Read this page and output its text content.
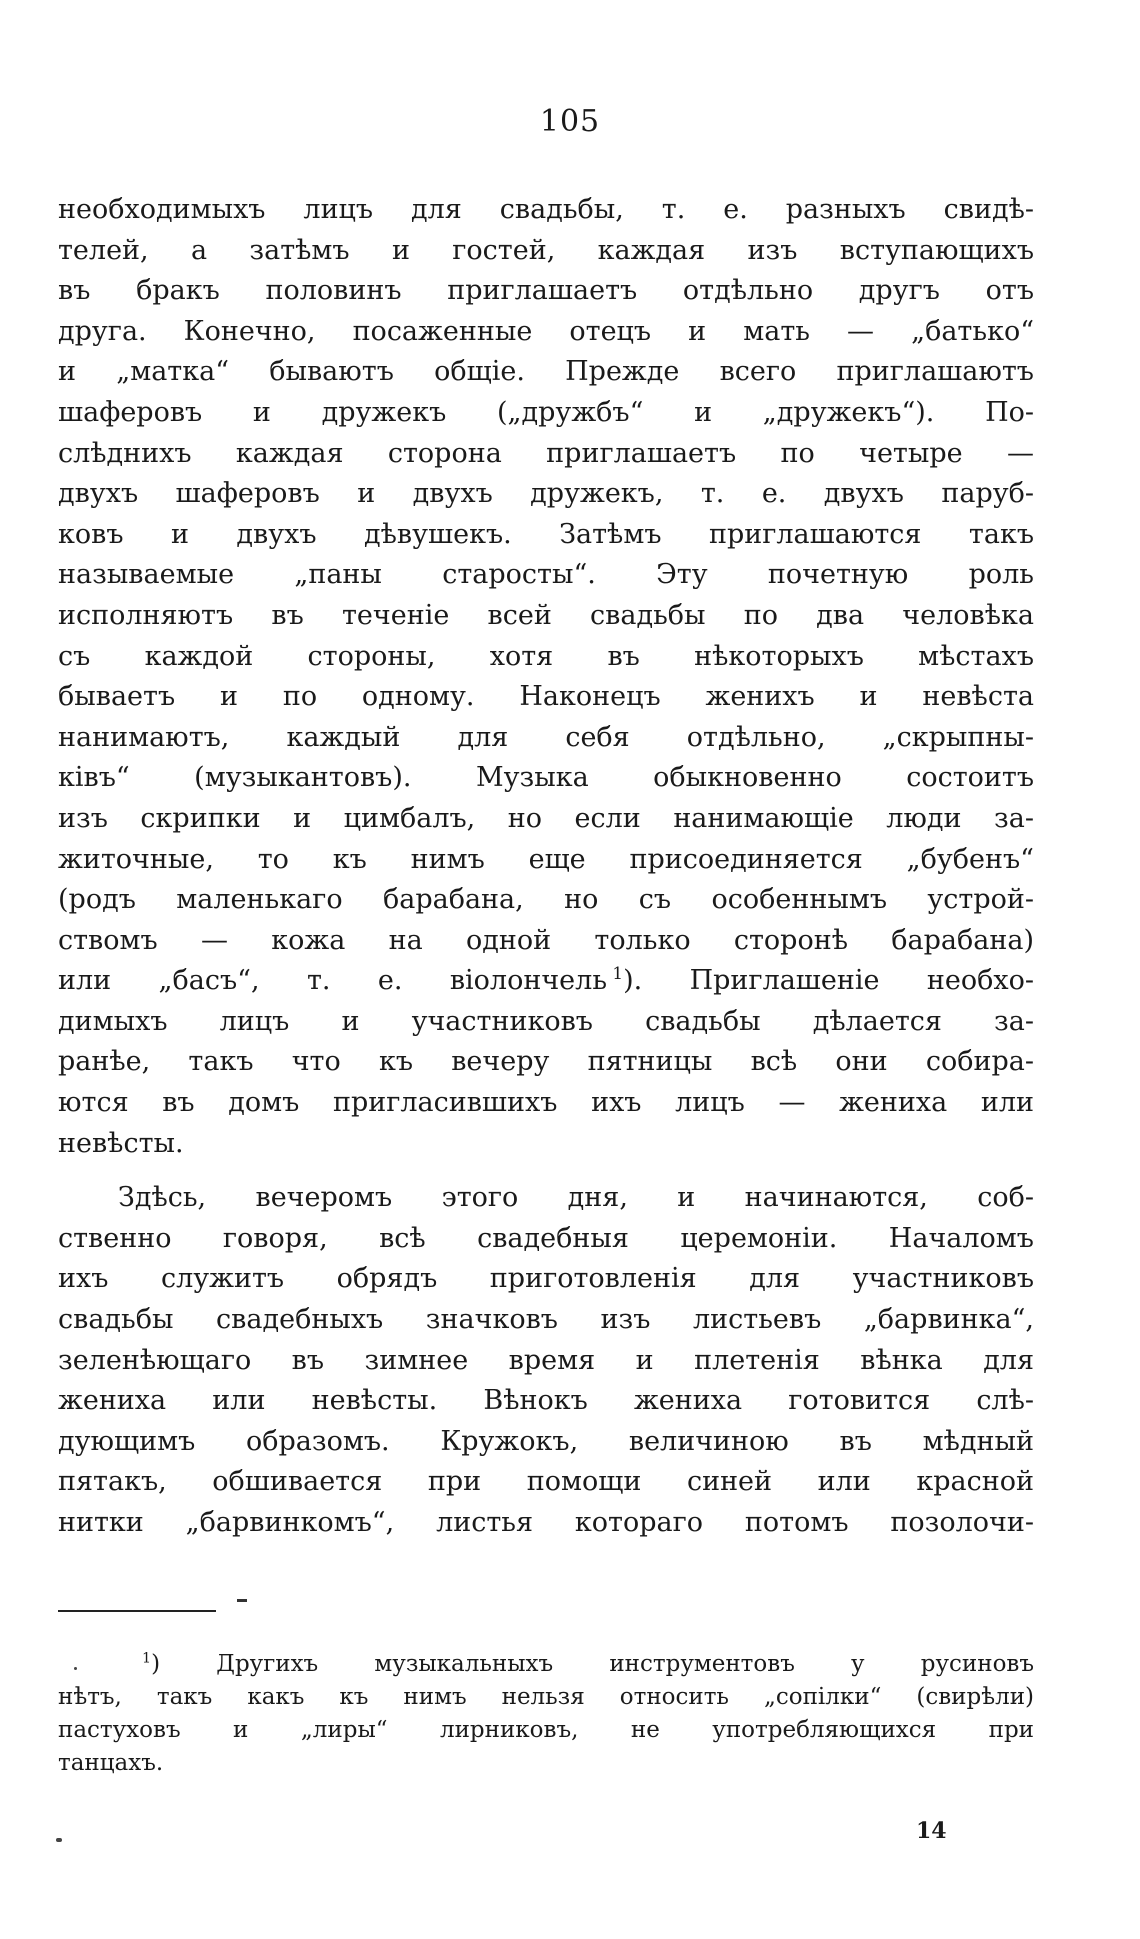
105
необходимыхъ лицъ для свадьбы, т. е. разныхъ свидѣ-
телей, а затѣмъ и гостей, каждая изъ вступающихъ
въ бракъ половинъ приглашаетъ отдѣльно другъ отъ
друга. Конечно, посаженные отецъ и мать — „батько“
и „матка“ бываютъ общіе. Прежде всего приглашаютъ
шаферовъ и дружекъ („дружбъ“ и „дружекъ“). По-
слѣднихъ каждая сторона приглашаетъ по четыре —
двухъ шаферовъ и двухъ дружекъ, т. е. двухъ паруб-
ковъ и двухъ дѣвушекъ. Затѣмъ приглашаются такъ
называемые „паны старосты“. Эту почетную роль
исполняютъ въ теченіе всей свадьбы по два человѣка
съ каждой стороны, хотя въ нѣкоторыхъ мѣстахъ
бываетъ и по одному. Наконецъ женихъ и невѣста
нанимаютъ, каждый для себя отдѣльно, „скрыпны-
ківъ“ (музыкантовъ). Музыка обыкновенно состоитъ
изъ скрипки и цимбалъ, но если нанимающіе люди за-
житочные, то къ нимъ еще присоединяется „бубенъ“
(родъ маленькаго барабана, но съ особеннымъ устрой-
ствомъ — кожа на одной только сторонѣ барабана)
или „басъ“, т. е. віолончель  $^1$). Приглашеніе необхо-
димыхъ лицъ и участниковъ свадьбы дѣлается за-
ранѣе, такъ что къ вечеру пятницы всѣ они собира-
ются въ домъ пригласившихъ ихъ лицъ — жениха или
невѣсты.
Здѣсь, вечеромъ этого дня, и начинаются, соб-
ственно говоря, всѣ свадебныя церемоніи. Началомъ
ихъ служитъ обрядъ приготовленія для участниковъ
свадьбы свадебныхъ значковъ изъ листьевъ „барвинка“,
зеленѣющаго въ зимнее время и плетенія вѣнка для
жениха или невѣсты. Вѣнокъ жениха готовится слѣ-
дующимъ образомъ. Кружокъ, величиною въ мѣдный
пятакъ, обшивается при помощи синей или красной
нитки „барвинкомъ“, листья котораго потомъ позолочи-
$^1$) Другихъ музыкальныхъ инструментовъ у русиновъ
нѣтъ, такъ какъ къ нимъ нельзя относить „сопілки“ (свирѣли)
пастуховъ и „лиры“ лирниковъ, не употребляющихся при
танцахъ.
14
